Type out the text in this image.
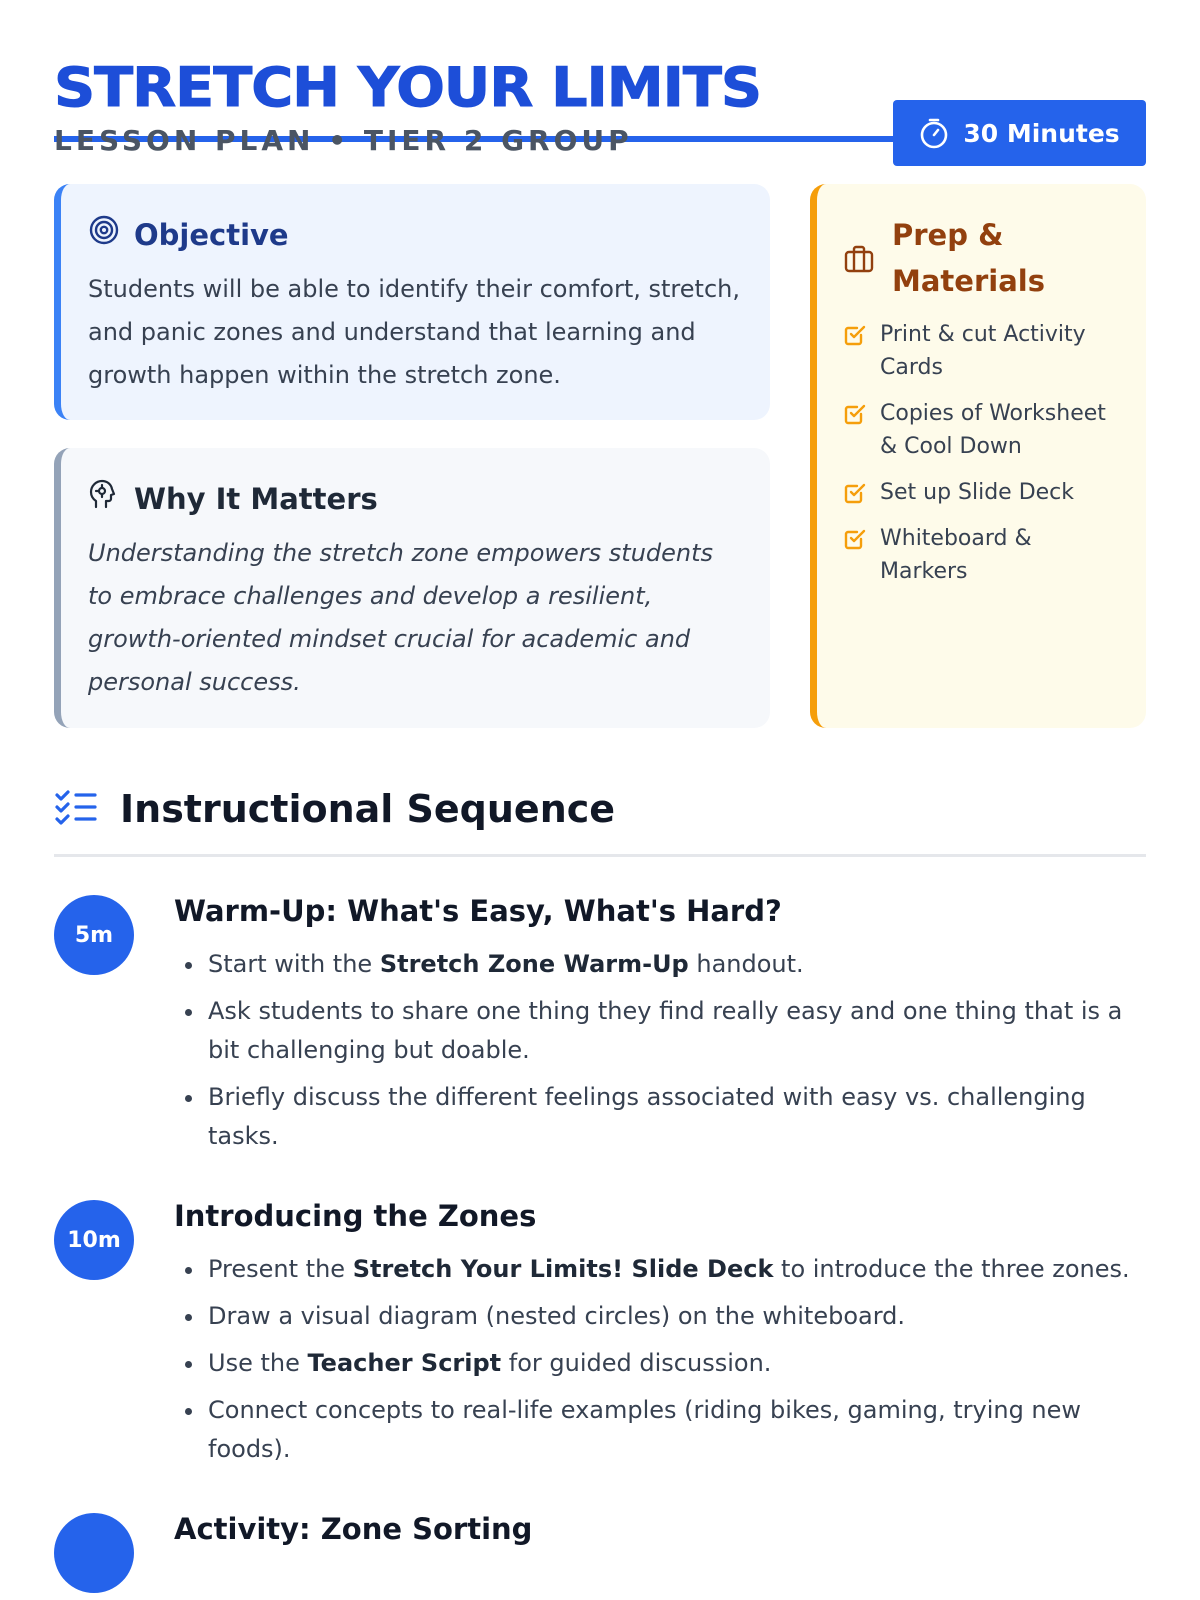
STRETCH YOUR LIMITS
LESSON PLAN • TIER 2 GROUP	30 Minutes
Objective
Students will be able to identify their comfort, stretch, and panic zones and understand that learning and growth happen within the stretch zone.
Why It Matters
Understanding the stretch zone empowers students to embrace challenges and develop a resilient, growth-oriented mindset crucial for academic and personal success.
Prep & Materials
Print & cut Activity Cards
Copies of Worksheet & Cool Down
Set up Slide Deck
Whiteboard & Markers
Instructional Sequence
5m
Warm-Up: What's Easy, What's Hard?
• Start with the Stretch Zone Warm-Up handout.
• Ask students to share one thing they find really easy and one thing that is a bit challenging but doable.
• Briefly discuss the different feelings associated with easy vs. challenging tasks.
10m
Introducing the Zones
• Present the Stretch Your Limits! Slide Deck to introduce the three zones.
• Draw a visual diagram (nested circles) on the whiteboard.
• Use the Teacher Script for guided discussion.
• Connect concepts to real-life examples (riding bikes, gaming, trying new foods).
Activity: Zone Sorting
